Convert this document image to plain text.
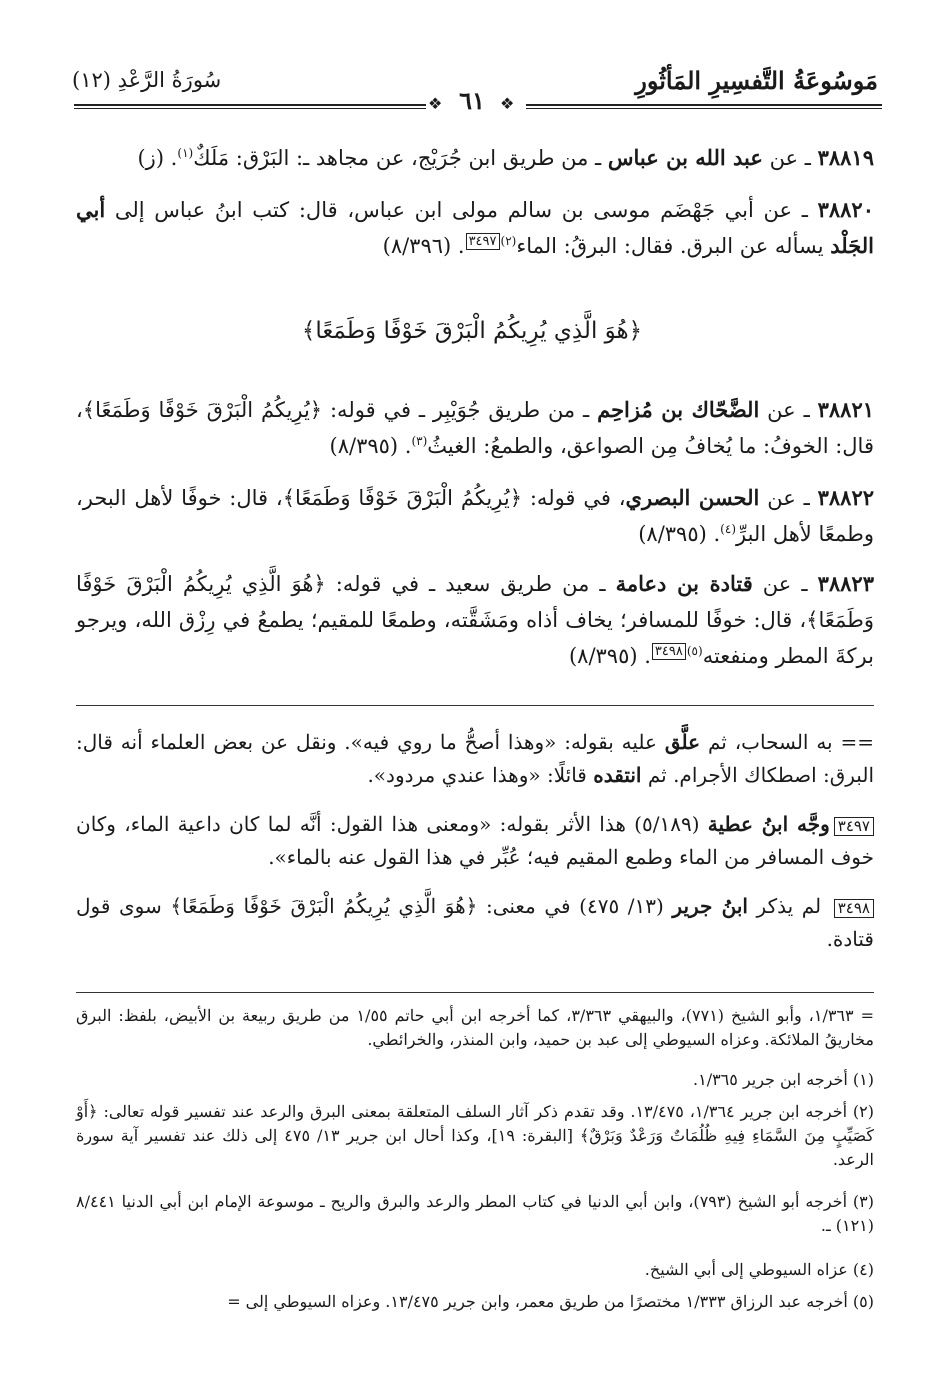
مَوسُوعَةُ التَّفسِيرِ المَأثُورِ
سُورَةُ الرَّعْدِ (١٢)
❖	❖
٦١
٣٨٨١٩ ـ عن عبد الله بن عباس ـ من طريق ابن جُرَيْج، عن مجاهد ـ: البَرْق: مَلَكٌ$^{(١)}$. (ز)
٣٨٨٢٠ ـ عن أبي جَهْضَم موسى بن سالم مولى ابن عباس، قال: كتب ابنُ عباس إلى أبي الجَلْد يسأله عن البرق. فقال: البرقُ: الماء$^{(٢)}$٣٤٩٧. (٨/٣٩٦)
﴿هُوَ الَّذِي يُرِيكُمُ الْبَرْقَ خَوْفًا وَطَمَعًا﴾
٣٨٨٢١ ـ عن الضَّحّاك بن مُزاحِم ـ من طريق جُوَيْبِر ـ في قوله: ﴿يُرِيكُمُ الْبَرْقَ خَوْفًا وَطَمَعًا﴾، قال: الخوفُ: ما يُخافُ مِن الصواعق، والطمعُ: الغيثُ$^{(٣)}$. (٨/٣٩٥)
٣٨٨٢٢ ـ عن الحسن البصري، في قوله: ﴿يُرِيكُمُ الْبَرْقَ خَوْفًا وَطَمَعًا﴾، قال: خوفًا لأهل البحر، وطمعًا لأهل البرِّ$^{(٤)}$. (٨/٣٩٥)
٣٨٨٢٣ ـ عن قتادة بن دعامة ـ من طريق سعيد ـ في قوله: ﴿هُوَ الَّذِي يُرِيكُمُ الْبَرْقَ خَوْفًا وَطَمَعًا﴾، قال: خوفًا للمسافر؛ يخاف أذاه ومَشَقَّته، وطمعًا للمقيم؛ يطمعُ في رِزْق الله، ويرجو بركةَ المطر ومنفعته$^{(٥)}$٣٤٩٨. (٨/٣٩٥)
== به السحاب، ثم علَّق عليه بقوله: «وهذا أصحُّ ما روي فيه». ونقل عن بعض العلماء أنه قال: البرق: اصطكاك الأجرام. ثم انتقده قائلًا: «وهذا عندي مردود».
٣٤٩٧وجَّه ابنُ عطية (٥/١٨٩) هذا الأثر بقوله: «ومعنى هذا القول: أنَّه لما كان داعية الماء، وكان خوف المسافر من الماء وطمع المقيم فيه؛ عُبِّر في هذا القول عنه بالماء».
٣٤٩٨ لم يذكر ابنُ جرير (١٣/ ٤٧٥) في معنى: ﴿هُوَ الَّذِي يُرِيكُمُ الْبَرْقَ خَوْفًا وَطَمَعًا﴾ سوى قول قتادة.
= ١/٣٦٣، وأبو الشيخ (٧٧١)، والبيهقي ٣/٣٦٣، كما أخرجه ابن أبي حاتم ١/٥٥ من طريق ربيعة بن الأبيض، بلفظ: البرق مخاريقُ الملائكة. وعزاه السيوطي إلى عبد بن حميد، وابن المنذر، والخرائطي.
(١) أخرجه ابن جرير ١/٣٦٥.
(٢) أخرجه ابن جرير ١/٣٦٤، ١٣/٤٧٥. وقد تقدم ذكر آثار السلف المتعلقة بمعنى البرق والرعد عند تفسير قوله تعالى: ﴿أَوْ كَصَيِّبٍ مِنَ السَّمَاءِ فِيهِ ظُلُمَاتٌ وَرَعْدٌ وَبَرْقٌ﴾ [البقرة: ١٩]، وكذا أحال ابن جرير ١٣/ ٤٧٥ إلى ذلك عند تفسير آية سورة الرعد.
(٣) أخرجه أبو الشيخ (٧٩٣)، وابن أبي الدنيا في كتاب المطر والرعد والبرق والريح ـ موسوعة الإمام ابن أبي الدنيا ٨/٤٤١ (١٢١) ـ.
(٤) عزاه السيوطي إلى أبي الشيخ.
(٥) أخرجه عبد الرزاق ١/٣٣٣ مختصرًا من طريق معمر، وابن جرير ١٣/٤٧٥. وعزاه السيوطي إلى =
